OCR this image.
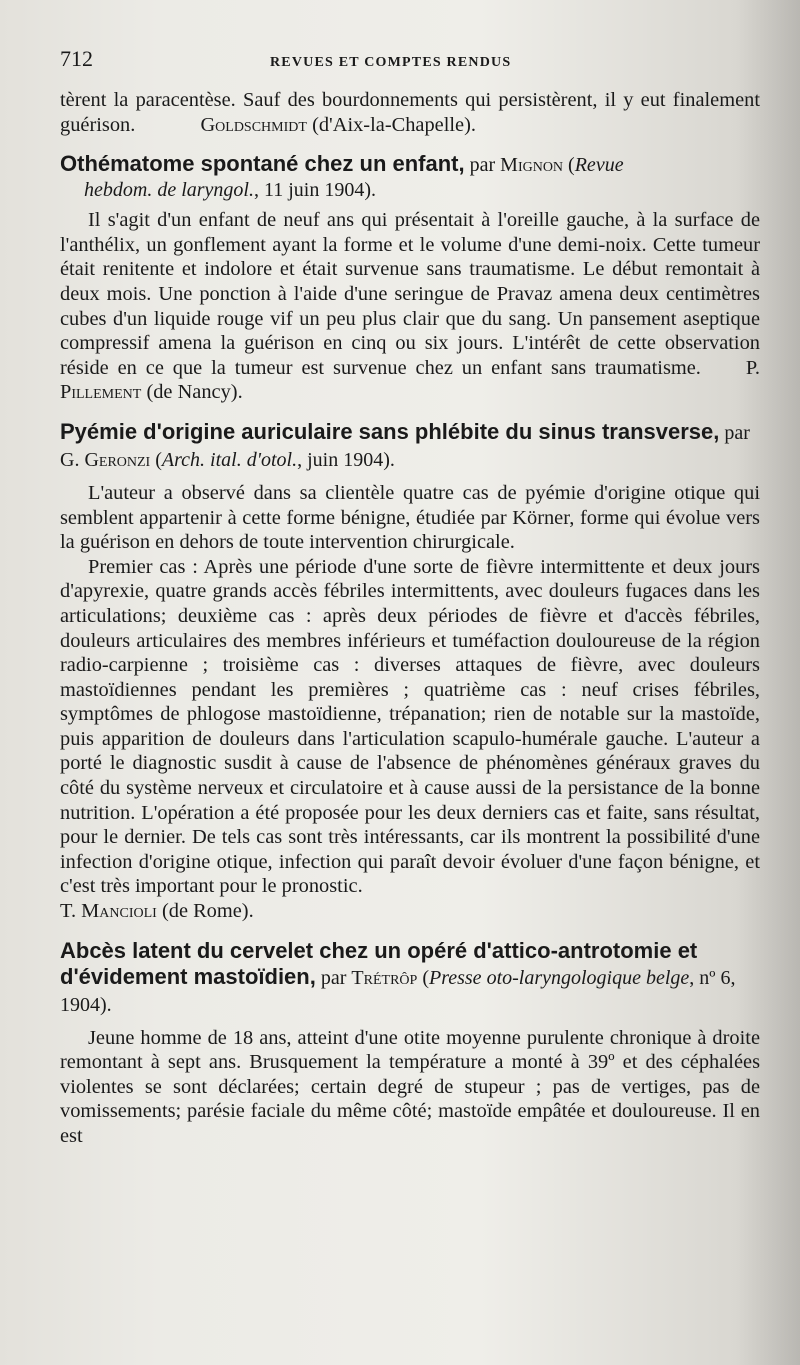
712	REVUES ET COMPTES RENDUS

tèrent la paracentèse. Sauf des bourdonnements qui persistèrent, il y eut finalement guérison.	Goldschmidt (d'Aix-la-Chapelle).

Othématome spontané chez un enfant, par Mignon (Revue
hebdom. de laryngol., 11 juin 1904).

Il s'agit d'un enfant de neuf ans qui présentait à l'oreille gauche, à la surface de l'anthélix, un gonflement ayant la forme et le volume d'une demi-noix. Cette tumeur était renitente et indolore et était survenue sans traumatisme. Le début remontait à deux mois. Une ponction à l'aide d'une seringue de Pravaz amena deux centimètres cubes d'un liquide rouge vif un peu plus clair que du sang. Un pansement aseptique compressif amena la guérison en cinq ou six jours. L'intérêt de cette observation réside en ce que la tumeur est survenue chez un enfant sans traumatisme. P. Pillement (de Nancy).

Pyémie d'origine auriculaire sans phlébite du sinus transverse, par G. Geronzi (Arch. ital. d'otol., juin 1904).

L'auteur a observé dans sa clientèle quatre cas de pyémie d'origine otique qui semblent appartenir à cette forme bénigne, étudiée par Körner, forme qui évolue vers la guérison en dehors de toute intervention chirurgicale.

Premier cas : Après une période d'une sorte de fièvre intermittente et deux jours d'apyrexie, quatre grands accès fébriles intermittents, avec douleurs fugaces dans les articulations; deuxième cas : après deux périodes de fièvre et d'accès fébriles, douleurs articulaires des membres inférieurs et tuméfaction douloureuse de la région radio-carpienne ; troisième cas : diverses attaques de fièvre, avec douleurs mastoïdiennes pendant les premières ; quatrième cas : neuf crises fébriles, symptômes de phlogose mastoïdienne, trépanation; rien de notable sur la mastoïde, puis apparition de douleurs dans l'articulation scapulo-humérale gauche. L'auteur a porté le diagnostic susdit à cause de l'absence de phénomènes généraux graves du côté du système nerveux et circulatoire et à cause aussi de la persistance de la bonne nutrition. L'opération a été proposée pour les deux derniers cas et faite, sans résultat, pour le dernier. De tels cas sont très intéressants, car ils montrent la possibilité d'une infection d'origine otique, infection qui paraît devoir évoluer d'une façon bénigne, et c'est très important pour le pronostic.

T. Mancioli (de Rome).

Abcès latent du cervelet chez un opéré d'attico-antrotomie et d'évidement mastoïdien, par Trétrôp (Presse oto-laryngologique belge, nº 6, 1904).

Jeune homme de 18 ans, atteint d'une otite moyenne purulente chronique à droite remontant à sept ans. Brusquement la température a monté à 39º et des céphalées violentes se sont déclarées; certain degré de stupeur ; pas de vertiges, pas de vomissements; parésie faciale du même côté; mastoïde empâtée et douloureuse. Il en est
